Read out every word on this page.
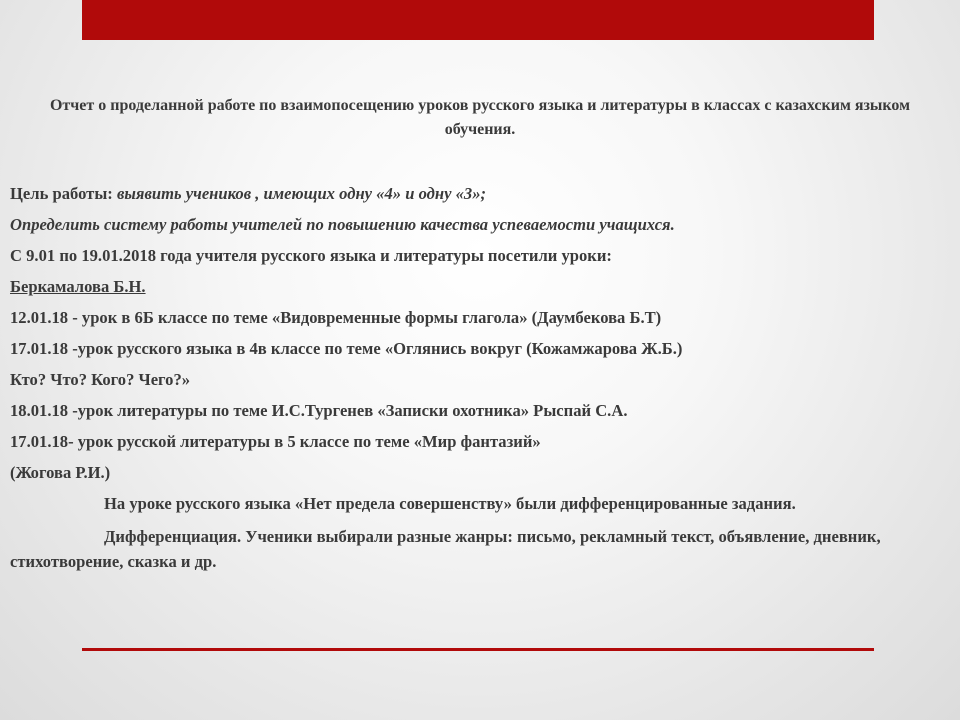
Отчет о проделанной работе по взаимопосещению уроков русского языка и литературы в классах с казахским языком обучения.
Цель работы: выявить учеников , имеющих одну «4» и одну «3»;
Определить систему работы учителей по повышению качества успеваемости учащихся.
С 9.01 по 19.01.2018 года учителя русского языка и литературы посетили уроки:
Беркамалова Б.Н.
12.01.18 - урок в 6Б классе по теме «Видовременные формы глагола» (Даумбекова Б.Т)
17.01.18 -урок русского языка в 4в классе по теме «Оглянись вокруг (Кожамжарова Ж.Б.)
Кто? Что? Кого? Чего?»
18.01.18 -урок литературы по теме И.С.Тургенев «Записки охотника» Рыспай С.А.
17.01.18- урок русской литературы в 5 классе по теме «Мир фантазий»
(Жогова Р.И.)
На уроке русского языка «Нет предела совершенству» были дифференцированные задания.
Дифференциация. Ученики выбирали разные жанры: письмо, рекламный текст, объявление, дневник, стихотворение, сказка и др.
